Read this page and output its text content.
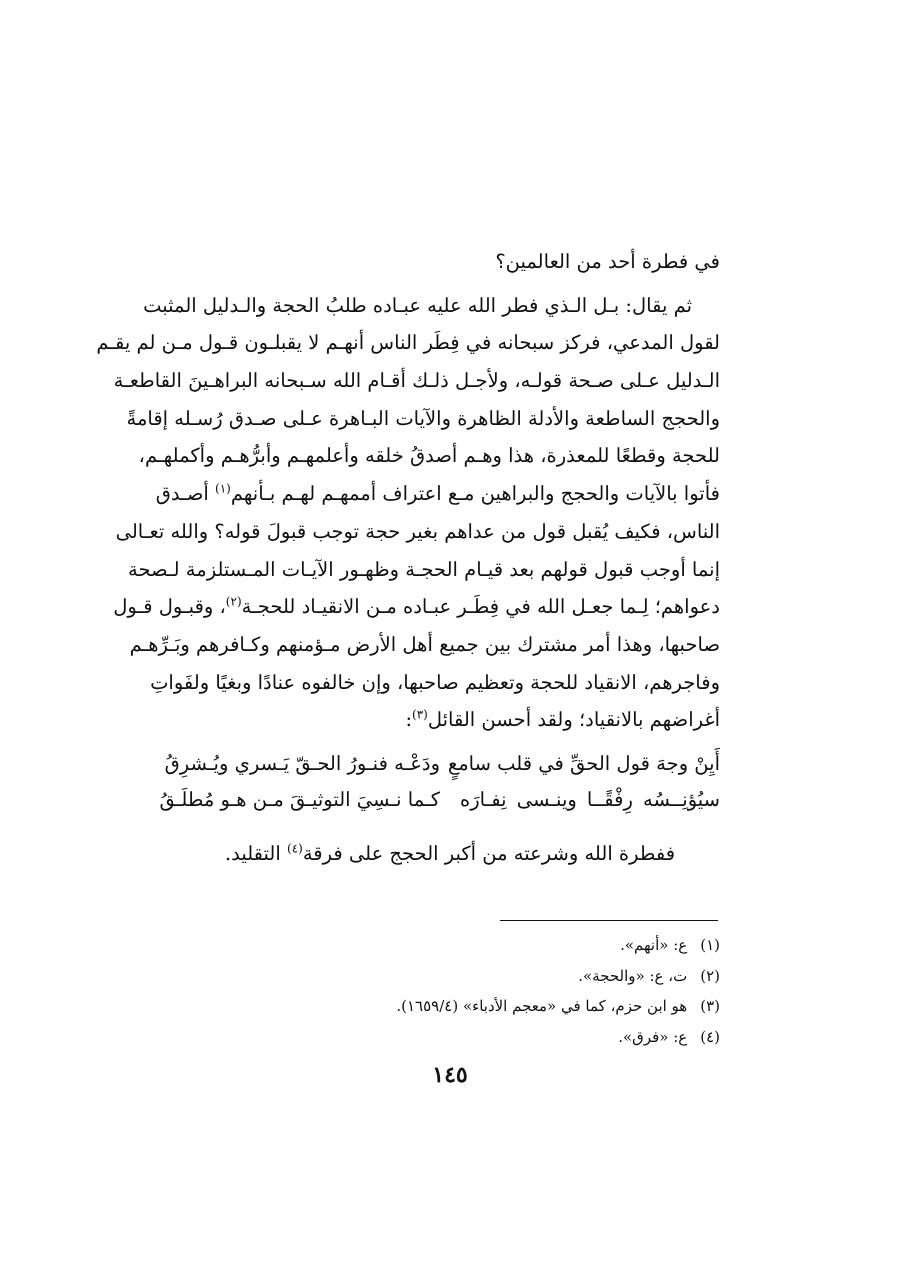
في فطرة أحد من العالمين؟
ثم يقال: بـل الـذي فطر الله عليه عبـاده طلبُ الحجة والـدليل المثبت
لقول المدعي، فركز سبحانه في فِطَر الناس أنهـم لا يقبلـون قـول مـن لم يقـم
الـدليل عـلى صـحة قولـه، ولأجـل ذلـك أقـام الله سـبحانه البراهـينَ القاطعـة
والحجج الساطعة والأدلة الظاهرة والآيات البـاهرة عـلى صـدق رُسـله إقامةً
للحجة وقطعًا للمعذرة، هذا وهـم أصدقُ خلقه وأعلمهـم وأبرُّهـم وأكملهـم،
فأتوا بالآيات والحجج والبراهين مـع اعتراف أممهـم لهـم بـأنهم$^{(١)}$ أصـدق
الناس، فكيف يُقبل قول من عداهم بغير حجة توجب قبولَ قوله؟ والله تعـالى
إنما أوجب قبول قولهم بعد قيـام الحجـة وظهـور الآيـات المـستلزمة لـصحة
دعواهم؛ لِـما جعـل الله في فِطَـر عبـاده مـن الانقيـاد للحجـة$^{(٢)}$، وقبـول قـول
صاحبها، وهذا أمر مشترك بين جميع أهل الأرض مـؤمنهم وكـافرهم وبَـرِّهـم
وفاجرهم، الانقياد للحجة وتعظيم صاحبها، وإن خالفوه عنادًا وبغيًا ولفَواتِ
أغراضهم بالانقياد؛ ولقد أحسن القائل$^{(٣)}$:
أَيِنْ وجهَ قول الحقِّ في قلب سامعٍ
ودَعْـه فنـورُ الحـقّ يَـسري ويُـشرِقُ
سيُؤنِــسُه رِفْقًــا وينـسى نِفـارَه
كـما نـسِيَ التوثيـقَ مـن هـو مُطلَـقُ
ففطرة الله وشرعته من أكبر الحجج على فرقة$^{(٤)}$ التقليد.
(١) ع: «أنهم».
(٢) ت، ع: «والحجة».
(٣) هو ابن حزم، كما في «معجم الأدباء» (١٦٥٩/٤).
(٤) ع: «فرق».
١٤٥
